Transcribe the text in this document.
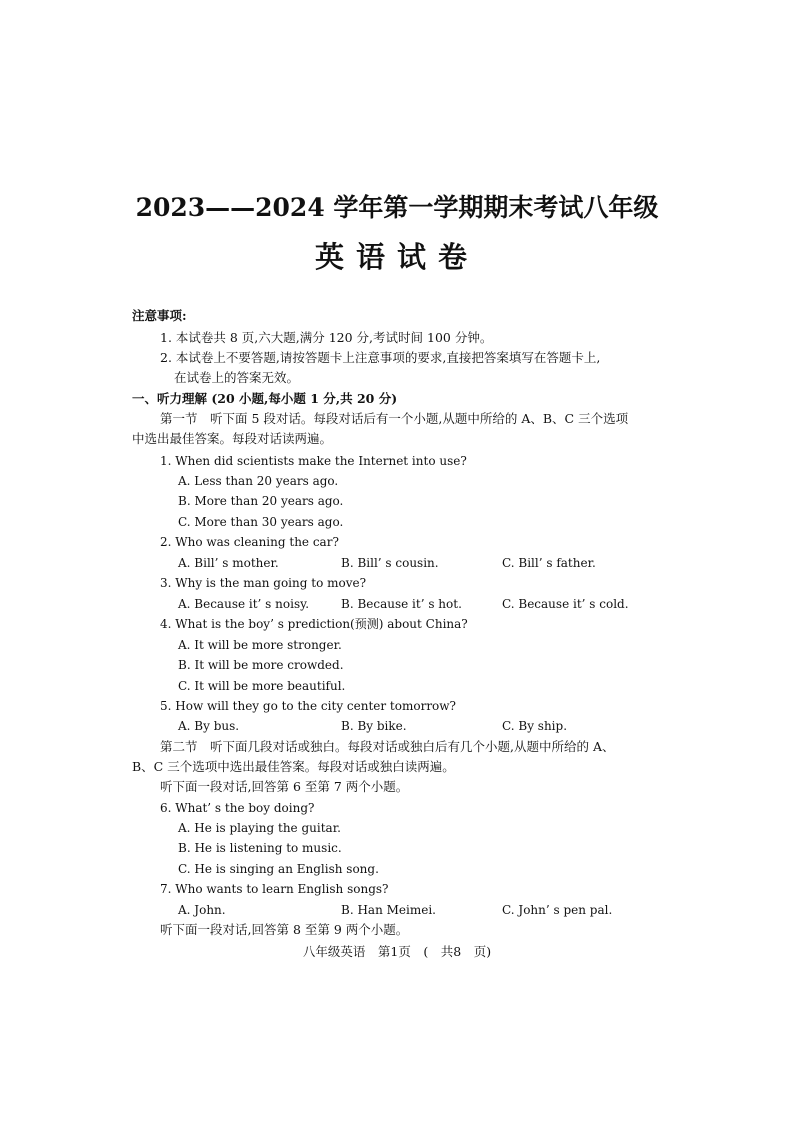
2023——2024 学年第一学期期末考试八年级
英语试卷
注意事项:
1. 本试卷共 8 页,六大题,满分 120 分,考试时间 100 分钟。
2. 本试卷上不要答题,请按答题卡上注意事项的要求,直接把答案填写在答题卡上,
在试卷上的答案无效。
一、听力理解 (20 小题,每小题 1 分,共 20 分)
第一节　听下面 5 段对话。每段对话后有一个小题,从题中所给的 A、B、C 三个选项
中选出最佳答案。每段对话读两遍。
1. When did scientists make the Internet into use?
A. Less than 20 years ago.
B. More than 20 years ago.
C. More than 30 years ago.
2. Who was cleaning the car?
A. Bill’ s mother.	B. Bill’ s cousin.	C. Bill’ s father.
3. Why is the man going to move?
A. Because it’ s noisy.	B. Because it’ s hot.	C. Because it’ s cold.
4. What is the boy’ s prediction(预测) about China?
A. It will be more stronger.
B. It will be more crowded.
C. It will be more beautiful.
5. How will they go to the city center tomorrow?
A. By bus.	B. By bike.	C. By ship.
第二节　听下面几段对话或独白。每段对话或独白后有几个小题,从题中所给的 A、
B、C 三个选项中选出最佳答案。每段对话或独白读两遍。
听下面一段对话,回答第 6 至第 7 两个小题。
6. What’ s the boy doing?
A. He is playing the guitar.
B. He is listening to music.
C. He is singing an English song.
7. Who wants to learn English songs?
A. John.	B. Han Meimei.	C. John’ s pen pal.
听下面一段对话,回答第 8 至第 9 两个小题。
八年级英语　第1页　(　共8　页)
